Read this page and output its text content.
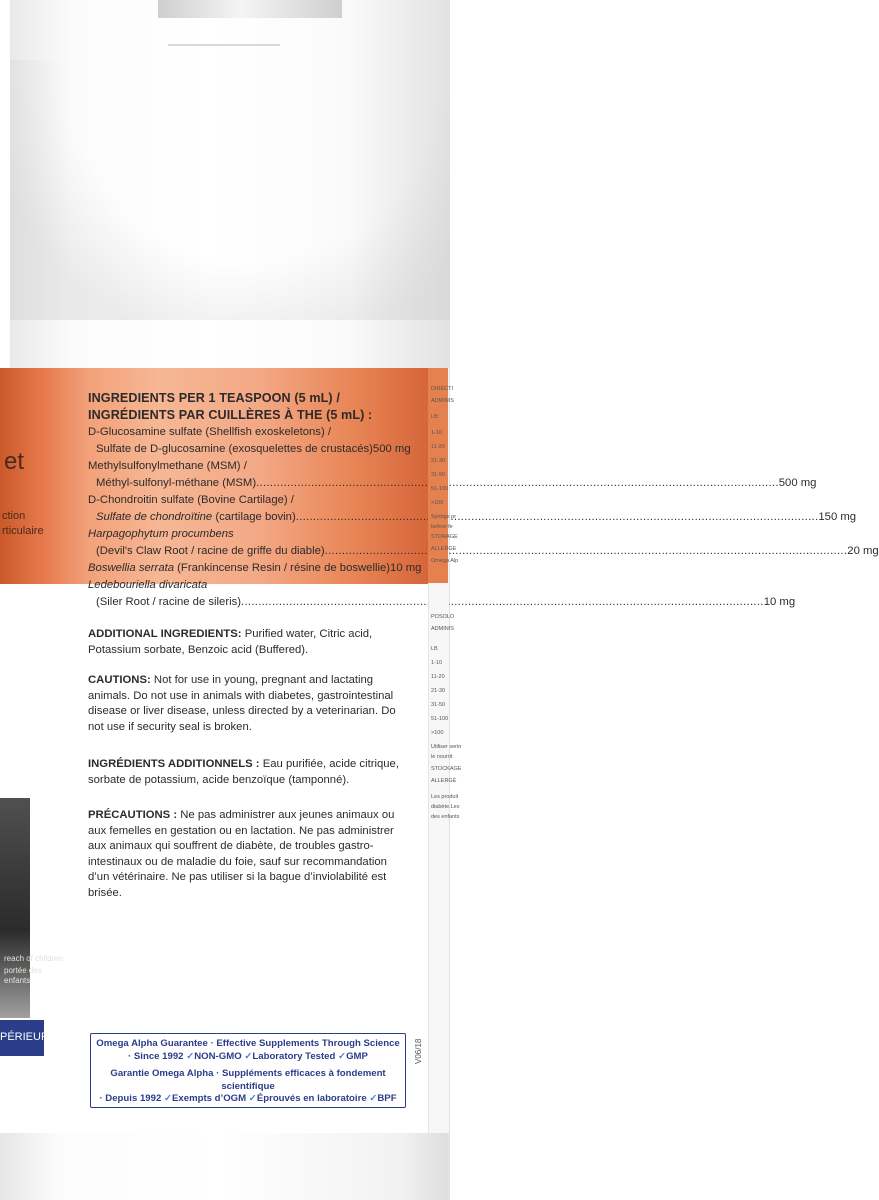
et
ction
rticulaire
reach of children
portée des enfants
PÉRIEURE
INGREDIENTS PER 1 TEASPOON (5 mL) /
INGRÉDIENTS PAR CUILLÈRES À THE (5 mL) :
D-Glucosamine sulfate (Shellfish exoskeletons) /
Sulfate de D-glucosamine (exosquelettes de crustacés) 500 mg
Methylsulfonylmethane (MSM) /
Méthyl-sulfonyl-méthane (MSM) .....	500 mg
D-Chondroitin sulfate (Bovine Cartilage) /
Sulfate de chondroïtine (cartilage bovin) .....	150 mg
Harpagophytum procumbens
(Devil's Claw Root / racine de griffe du diable) .....	20 mg
Boswellia serrata (Frankincense Resin / résine de boswellie) 10 mg
Ledebouriella divaricata
(Siler Root / racine de sileris) .....	10 mg
ADDITIONAL INGREDIENTS: Purified water, Citric acid, Potassium sorbate, Benzoic acid (Buffered).
CAUTIONS: Not for use in young, pregnant and lactating animals. Do not use in animals with diabetes, gastrointestinal disease or liver disease, unless directed by a veterinarian. Do not use if security seal is broken.
INGRÉDIENTS ADDITIONNELS : Eau purifiée, acide citrique, sorbate de potassium, acide benzoïque (tamponné).
PRÉCAUTIONS : Ne pas administrer aux jeunes animaux ou aux femelles en gestation ou en lactation. Ne pas administrer aux animaux qui souffrent de diabète, de troubles gastro-intestinaux ou de maladie du foie, sauf sur recommandation d’un vétérinaire. Ne pas utiliser si la bague d’inviolabilité est brisée.
Omega Alpha Guarantee · Effective Supplements Through Science
· Since 1992 ✓NON-GMO ✓Laboratory Tested ✓GMP
Garantie Omega Alpha · Suppléments efficaces à fondement scientifique
· Depuis 1992 ✓Exempts d’OGM ✓Éprouvés en laboratoire ✓BPF
DIRECTI
ADMINIS
LB:
1-10
11-20
21-30
31-50
51-100
>100
Syringe pr
before fe
STORAGE
ALLERGE
Omega Alp
POSOLO
ADMINIS
LB
1-10
11-20
21-30
31-50
51-100
>100
Utiliser serin
le nourrit
STOCKAGE
ALLERGÈ
Les produit
diabète.Les
des enfants
V06/18
